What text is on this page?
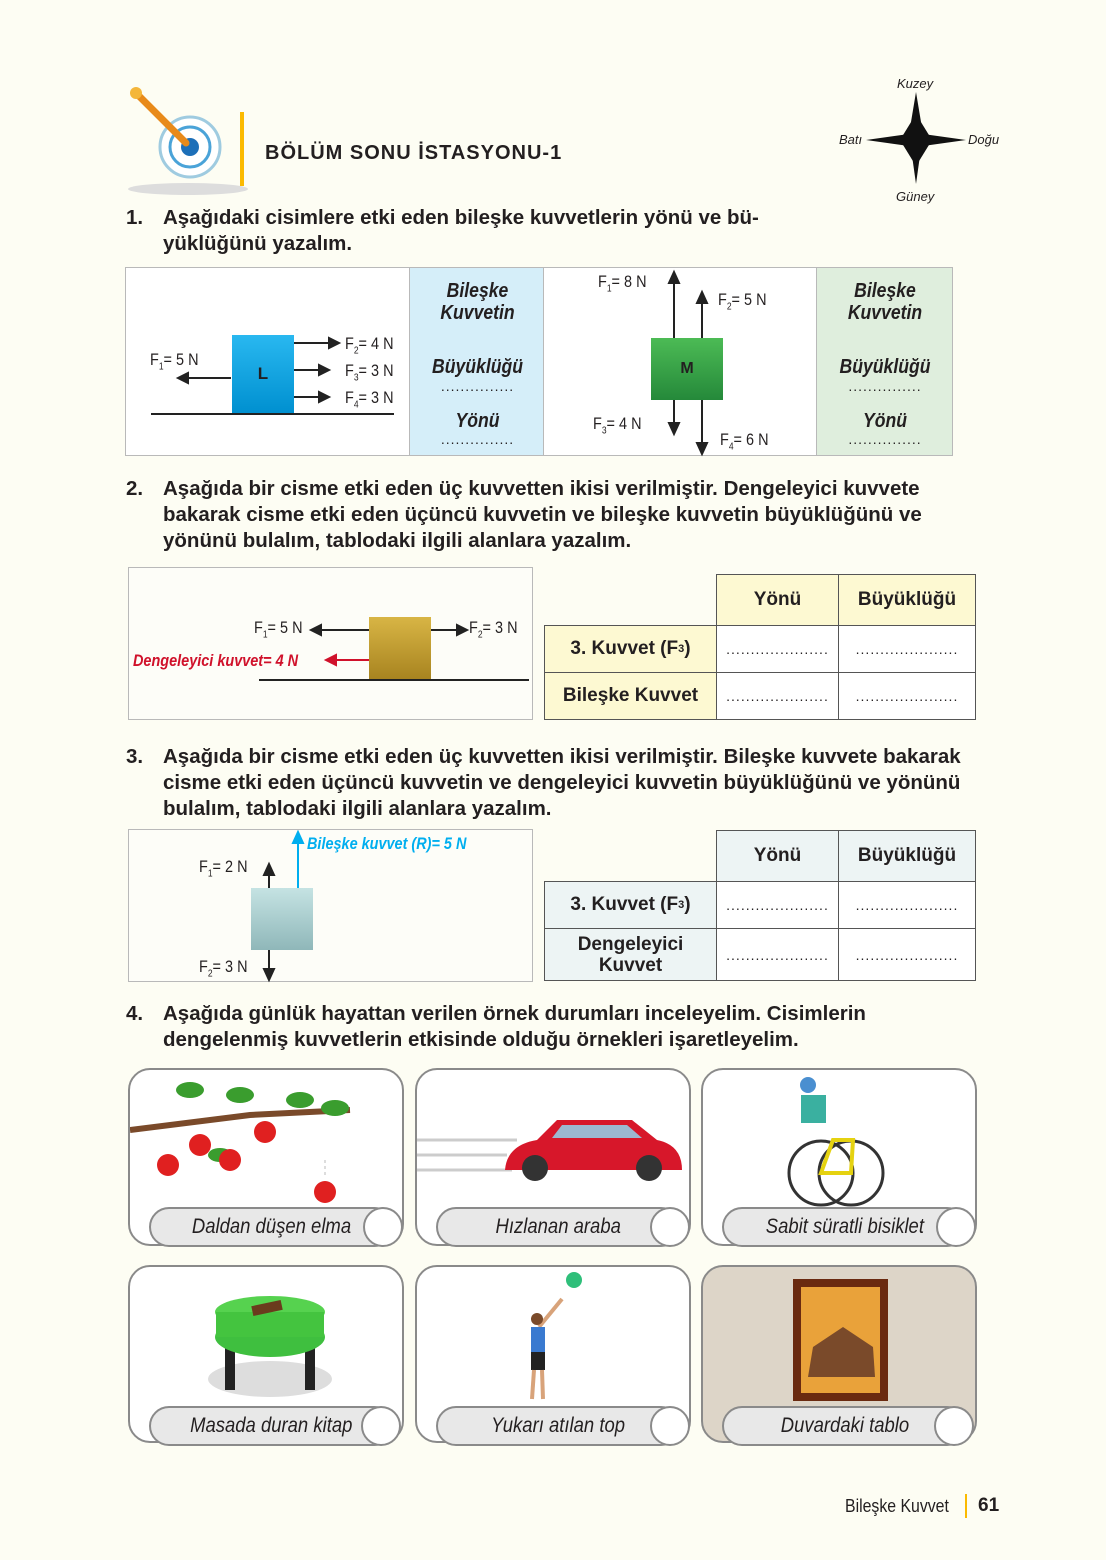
BÖLÜM SONU İSTASYONU-1
Kuzey
Güney
Doğu
Batı
1. Aşağıdaki cisimlere etki eden bileşke kuvvetlerin yönü ve bü-yüklüğünü yazalım.
L
$F_1= 5$ N
$F_2= 4$ N
$F_3= 3$ N
$F_4= 3$ N
Bileşke
Kuvvetin
Büyüklüğü
...............
Yönü
...............
M
$F_1= 8$ N
$F_2= 5$ N
$F_3= 4$ N
$F_4= 6$ N
Bileşke
Kuvvetin
Büyüklüğü
...............
Yönü
...............
2. Aşağıda bir cisme etki eden üç kuvvetten ikisi verilmiştir. Dengeleyici kuvvete bakarak cisme etki eden üçüncü kuvvetin ve bileşke kuvvetin büyüklüğünü ve yönünü bulalım, tablodaki ilgili alanlara yazalım.
$F_1= 5$ N	$F_2= 3$ N
Dengeleyici kuvvet= 4 N
Yönü	Büyüklüğü
3. Kuvvet (F 3 )	..................... .....................
Bileşke Kuvvet	..................... .....................
3. Aşağıda bir cisme etki eden üç kuvvetten ikisi verilmiştir. Bileşke kuvvete bakarak cisme etki eden üçüncü kuvvetin ve dengeleyici kuvvetin büyüklüğünü ve yönünü bulalım, tablodaki ilgili alanlara yazalım.
$F_1= 2$ N
$F_2= 3$ N
Bileşke kuvvet (R)= 5 N
Yönü	Büyüklüğü
3. Kuvvet (F 3 )	..................... .....................
Dengeleyici
Kuvvet	..................... .....................
4. Aşağıda günlük hayattan verilen örnek durumları inceleyelim. Cisimlerin dengelenmiş kuvvetlerin etkisinde olduğu örnekleri işaretleyelim.
Daldan düşen elma	Hızlanan araba	Sabit süratli bisiklet
Masada duran kitap	Yukarı atılan top	Duvardaki tablo
Bileşke Kuvvet 61
